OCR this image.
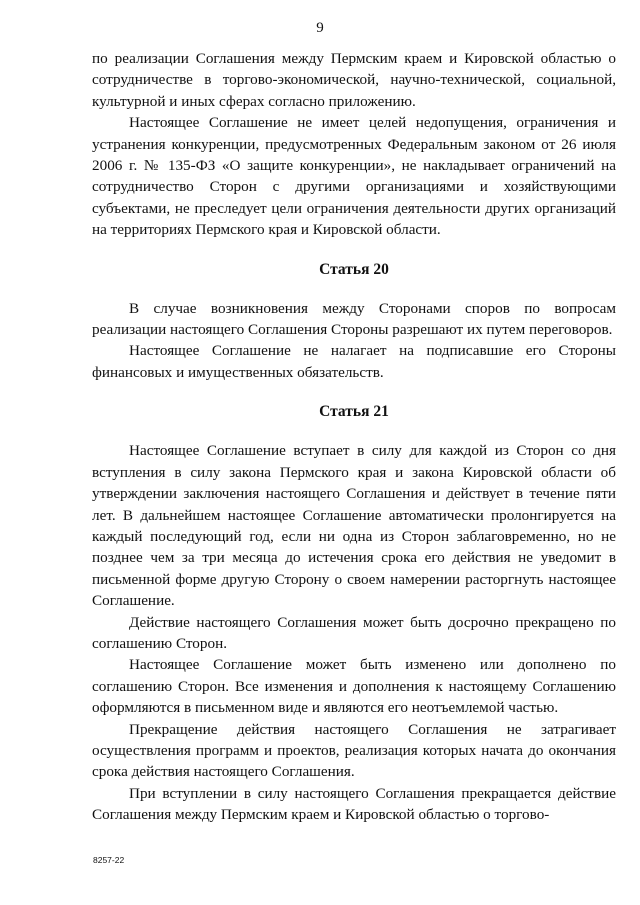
9

по реализации Соглашения между Пермским краем и Кировской областью о сотрудничестве в торгово-экономической, научно-технической, социальной, культурной и иных сферах согласно приложению.

Настоящее Соглашение не имеет целей недопущения, ограничения и устранения конкуренции, предусмотренных Федеральным законом от 26 июля 2006 г. № 135-ФЗ «О защите конкуренции», не накладывает ограничений на сотрудничество Сторон с другими организациями и хозяйствующими субъектами, не преследует цели ограничения деятельности других организаций на территориях Пермского края и Кировской области.

Статья 20

В случае возникновения между Сторонами споров по вопросам реализации настоящего Соглашения Стороны разрешают их путем переговоров.

Настоящее Соглашение не налагает на подписавшие его Стороны финансовых и имущественных обязательств.

Статья 21

Настоящее Соглашение вступает в силу для каждой из Сторон со дня вступления в силу закона Пермского края и закона Кировской области об утверждении заключения настоящего Соглашения и действует в течение пяти лет. В дальнейшем настоящее Соглашение автоматически пролонгируется на каждый последующий год, если ни одна из Сторон заблаговременно, но не позднее чем за три месяца до истечения срока его действия не уведомит в письменной форме другую Сторону о своем намерении расторгнуть настоящее Соглашение.

Действие настоящего Соглашения может быть досрочно прекращено по соглашению Сторон.

Настоящее Соглашение может быть изменено или дополнено по соглашению Сторон. Все изменения и дополнения к настоящему Соглашению оформляются в письменном виде и являются его неотъемлемой частью.

Прекращение действия настоящего Соглашения не затрагивает осуществления программ и проектов, реализация которых начата до окончания срока действия настоящего Соглашения.

При вступлении в силу настоящего Соглашения прекращается действие Соглашения между Пермским краем и Кировской областью о торгово-

8257-22
